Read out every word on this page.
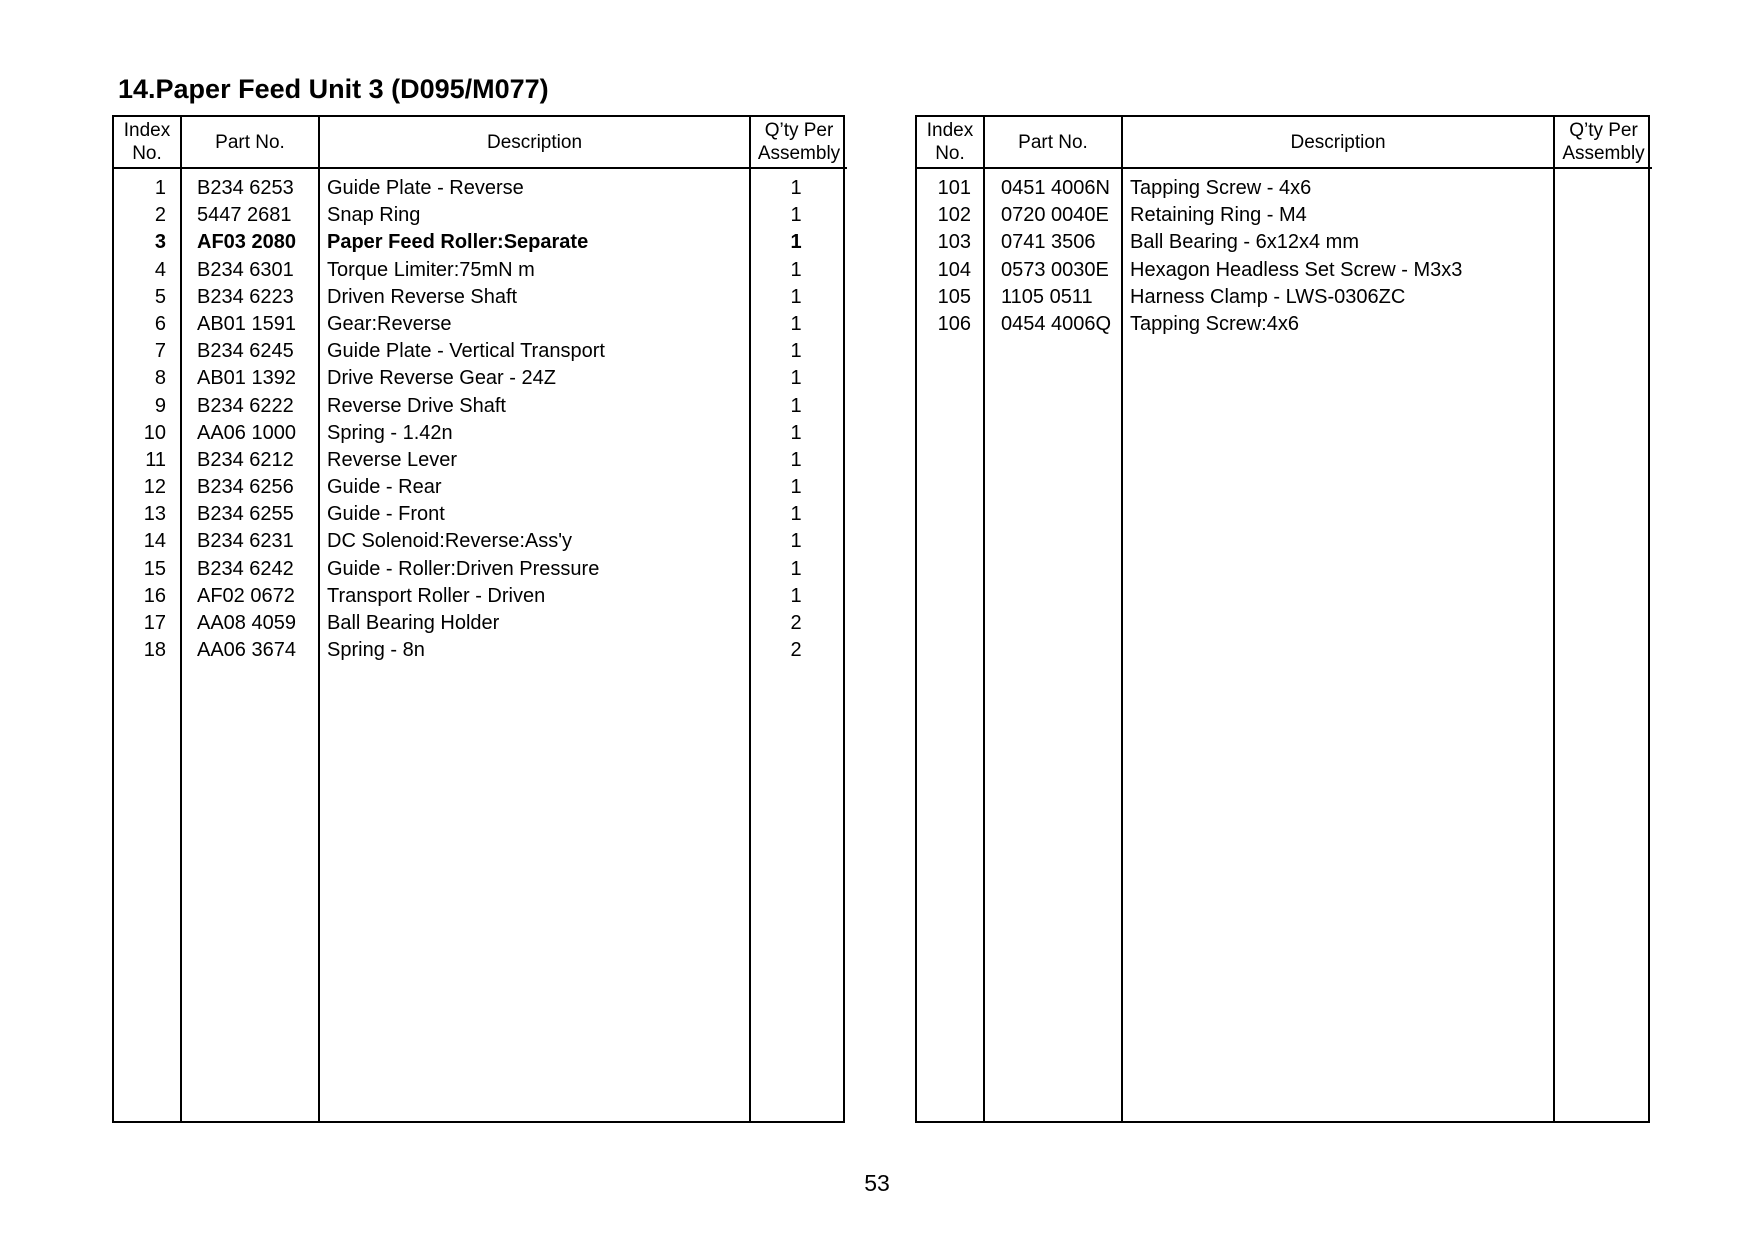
14.Paper Feed Unit 3 (D095/M077)
Index No.
1
2
3
4
5
6
7
8
9
10
11
12
13
14
15
16
17
18
Part No.
B234 6253
5447 2681
AF03 2080
B234 6301
B234 6223
AB01 1591
B234 6245
AB01 1392
B234 6222
AA06 1000
B234 6212
B234 6256
B234 6255
B234 6231
B234 6242
AF02 0672
AA08 4059
AA06 3674
Description
Guide Plate - Reverse
Snap Ring
Paper Feed Roller:Separate
Torque Limiter:75mN m
Driven Reverse Shaft
Gear:Reverse
Guide Plate - Vertical Transport
Drive Reverse Gear - 24Z
Reverse Drive Shaft
Spring - 1.42n
Reverse Lever
Guide - Rear
Guide - Front
DC Solenoid:Reverse:Ass'y
Guide - Roller:Driven Pressure
Transport Roller - Driven
Ball Bearing Holder
Spring - 8n
Q’ty Per Assembly
1
1
1
1
1
1
1
1
1
1
1
1
1
1
1
1
2
2
Index No.
101
102
103
104
105
106
Part No.
0451 4006N
0720 0040E
0741 3506
0573 0030E
1105 0511
0454 4006Q
Description
Tapping Screw - 4x6
Retaining Ring - M4
Ball Bearing - 6x12x4 mm
Hexagon Headless Set Screw - M3x3
Harness Clamp - LWS-0306ZC
Tapping Screw:4x6
Q’ty Per Assembly
53
